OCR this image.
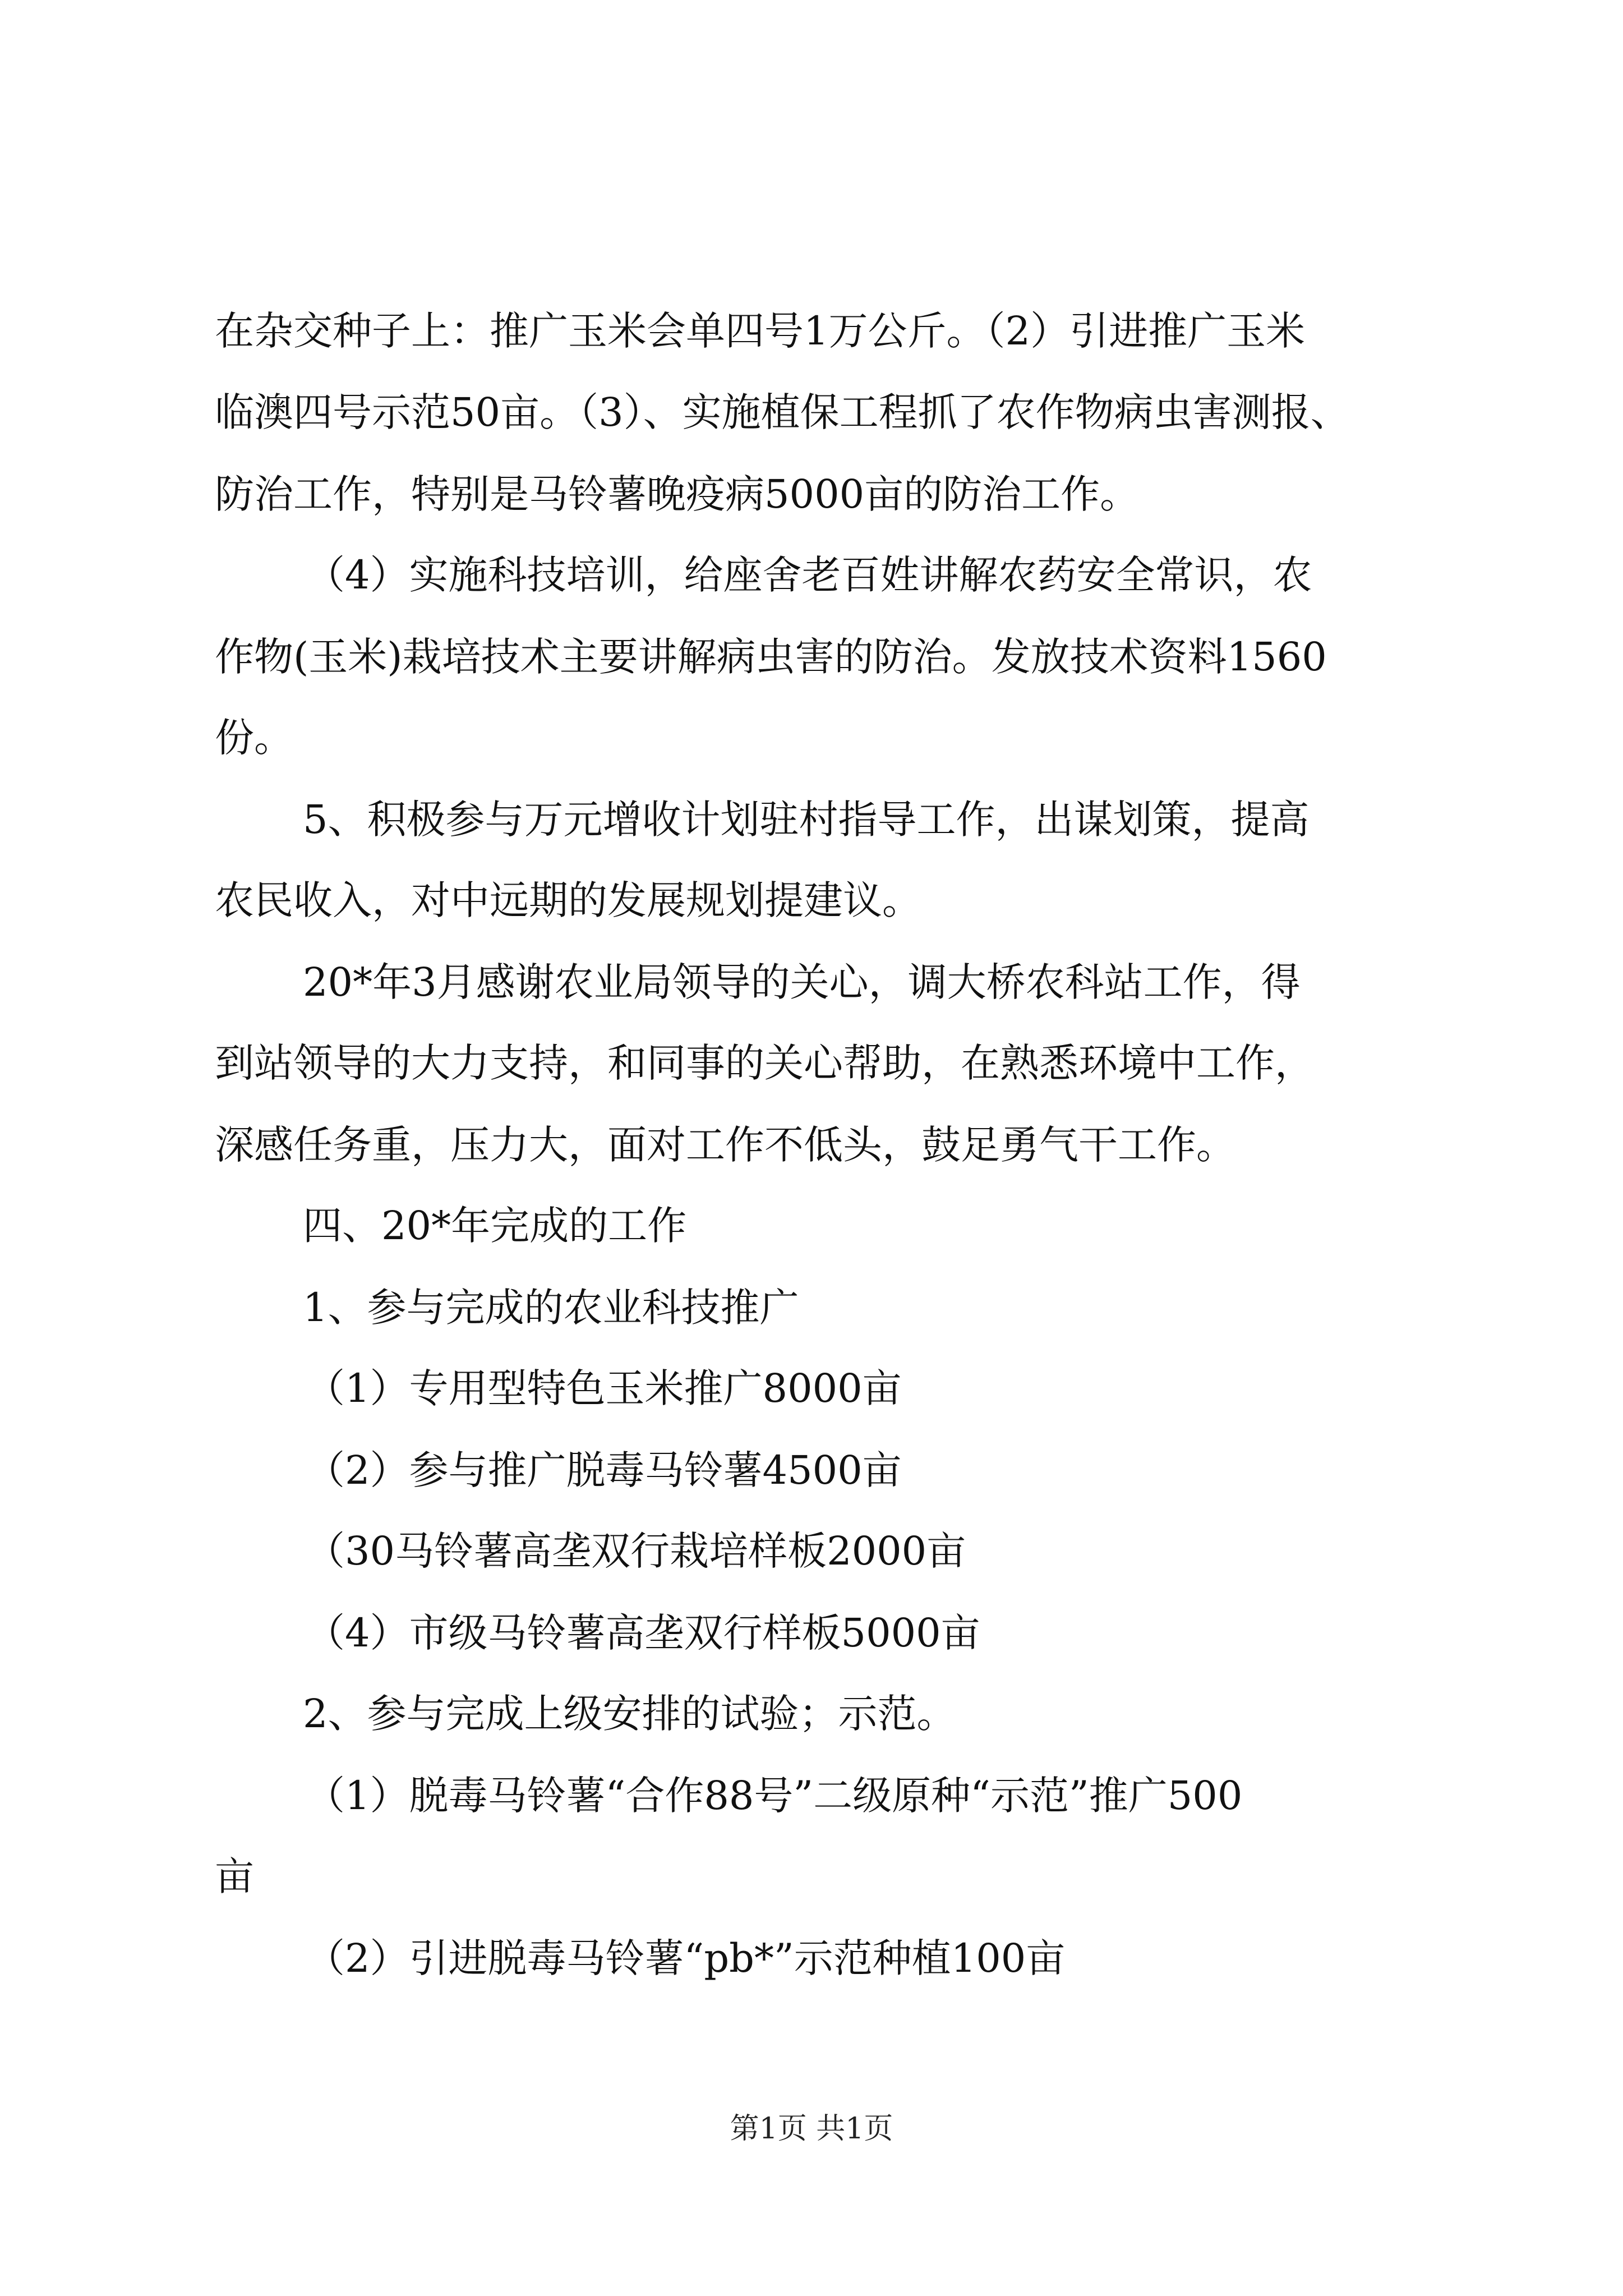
在杂交种子上：推广玉米会单四号1万公斤。（2）引进推广玉米
临澳四号示范50亩。（3）、实施植保工程抓了农作物病虫害测报、
防治工作，特别是马铃薯晚疫病5000亩的防治工作。
（4）实施科技培训，给座舍老百姓讲解农药安全常识，农
作物(玉米)栽培技术主要讲解病虫害的防治。发放技术资料1560
份。
5、积极参与万元增收计划驻村指导工作，出谋划策，提高
农民收入，对中远期的发展规划提建议。
20*年3月感谢农业局领导的关心，调大桥农科站工作，得
到站领导的大力支持，和同事的关心帮助，在熟悉环境中工作，
深感任务重，压力大，面对工作不低头，鼓足勇气干工作。
四、20*年完成的工作
1、参与完成的农业科技推广
（1）专用型特色玉米推广8000亩
（2）参与推广脱毒马铃薯4500亩
（30马铃薯高垄双行栽培样板2000亩
（4）市级马铃薯高垄双行样板5000亩
2、参与完成上级安排的试验；示范。
（1）脱毒马铃薯“合作88号”二级原种“示范”推广500
亩
（2）引进脱毒马铃薯“pb*”示范种植100亩
第1页 共1页
